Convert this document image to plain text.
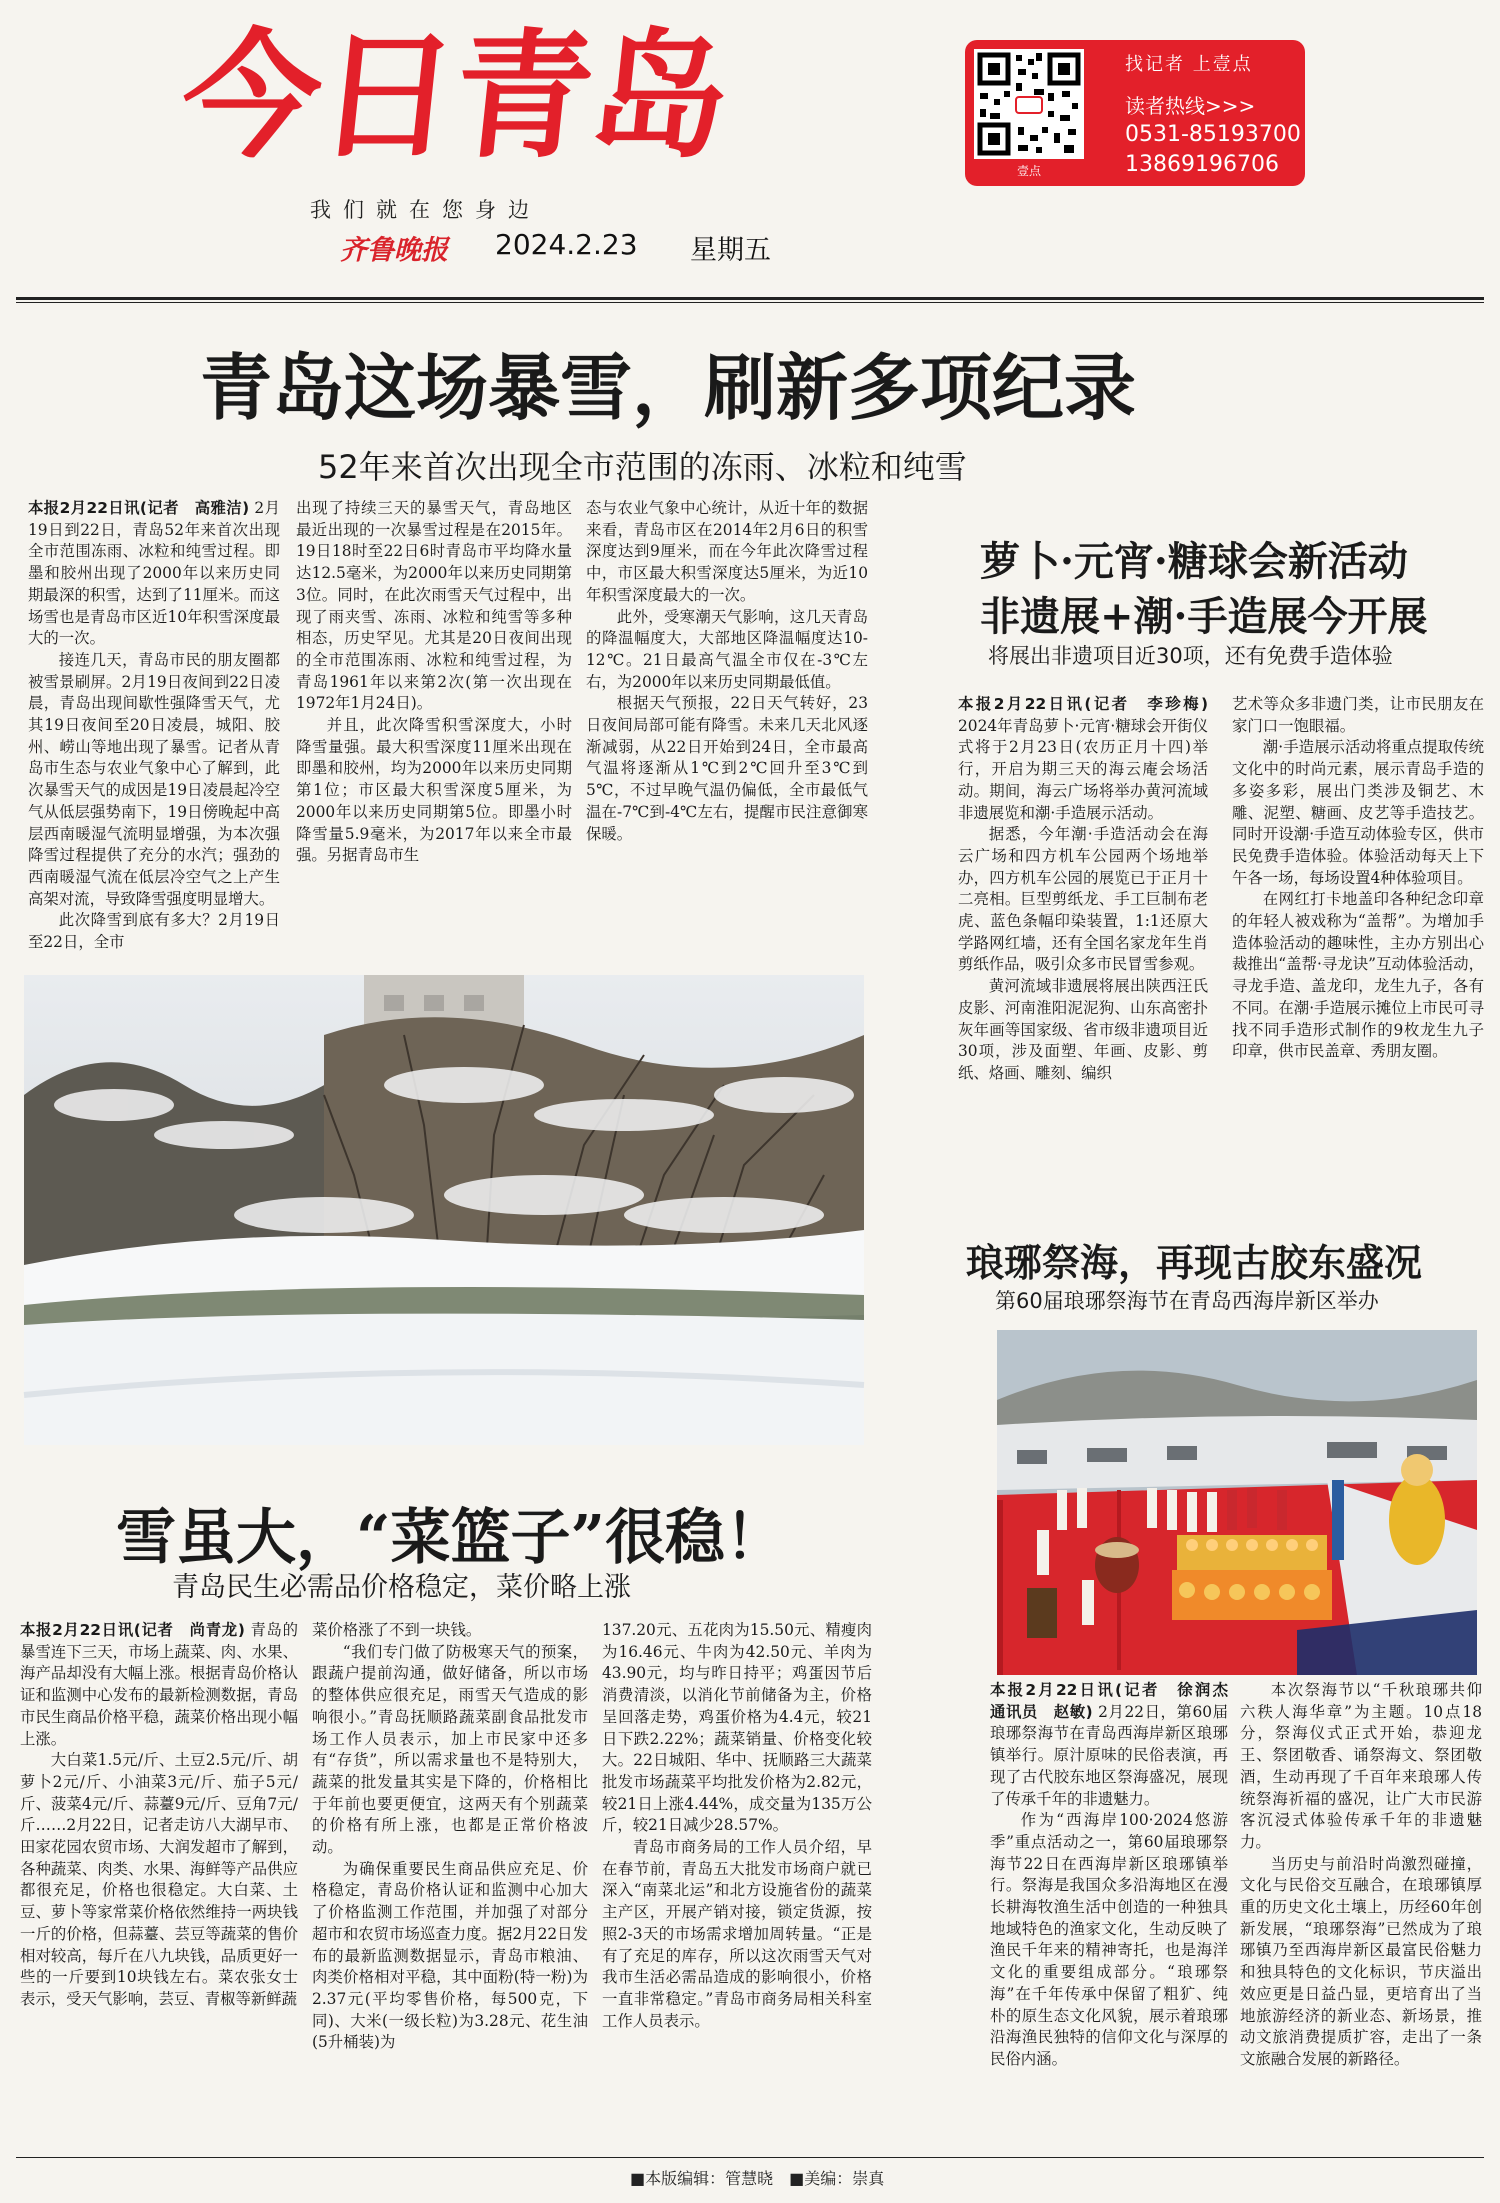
今日青岛
我们就在您身边
齐鲁晚报 2024.2.23 星期五
壹点
找记者 上壹点
读者热线>>>
0531-85193700
13869196706
青岛这场暴雪，刷新多项纪录
52年来首次出现全市范围的冻雨、冰粒和纯雪

本报2月22日讯(记者　高雅洁) 2月19日到22日，青岛52年来首次出现全市范围冻雨、冰粒和纯雪过程。即墨和胶州出现了2000年以来历史同期最深的积雪，达到了11厘米。而这场雪也是青岛市区近10年积雪深度最大的一次。

接连几天，青岛市民的朋友圈都被雪景刷屏。2月19日夜间到22日凌晨，青岛出现间歇性强降雪天气，尤其19日夜间至20日凌晨，城阳、胶州、崂山等地出现了暴雪。记者从青岛市生态与农业气象中心了解到，此次暴雪天气的成因是19日凌晨起冷空气从低层强势南下，19日傍晚起中高层西南暖湿气流明显增强，为本次强降雪过程提供了充分的水汽；强劲的西南暖湿气流在低层冷空气之上产生高架对流，导致降雪强度明显增大。

此次降雪到底有多大？2月19日至22日，全市

出现了持续三天的暴雪天气，青岛地区最近出现的一次暴雪过程是在2015年。19日18时至22日6时青岛市平均降水量达12.5毫米，为2000年以来历史同期第3位。同时，在此次雨雪天气过程中，出现了雨夹雪、冻雨、冰粒和纯雪等多种相态，历史罕见。尤其是20日夜间出现的全市范围冻雨、冰粒和纯雪过程，为青岛1961年以来第2次(第一次出现在1972年1月24日)。

并且，此次降雪积雪深度大，小时降雪量强。最大积雪深度11厘米出现在即墨和胶州，均为2000年以来历史同期第1位；市区最大积雪深度5厘米，为2000年以来历史同期第5位。即墨小时降雪量5.9毫米，为2017年以来全市最强。另据青岛市生

态与农业气象中心统计，从近十年的数据来看，青岛市区在2014年2月6日的积雪深度达到9厘米，而在今年此次降雪过程中，市区最大积雪深度达5厘米，为近10年积雪深度最大的一次。

此外，受寒潮天气影响，这几天青岛的降温幅度大，大部地区降温幅度达10-12℃。21日最高气温全市仅在-3℃左右，为2000年以来历史同期最低值。

根据天气预报，22日天气转好，23日夜间局部可能有降雪。未来几天北风逐渐减弱，从22日开始到24日，全市最高气温将逐渐从1℃到2℃回升至3℃到5℃，不过早晚气温仍偏低，全市最低气温在-7℃到-4℃左右，提醒市民注意御寒保暖。

萝卜·元宵·糖球会新活动
非遗展+潮·手造展今开展
将展出非遗项目近30项，还有免费手造体验

本报2月22日讯(记者　李珍梅) 2024年青岛萝卜·元宵·糖球会开街仪式将于2月23日(农历正月十四)举行，开启为期三天的海云庵会场活动。期间，海云广场将举办黄河流域非遗展览和潮·手造展示活动。

据悉，今年潮·手造活动会在海云广场和四方机车公园两个场地举办，四方机车公园的展览已于正月十二亮相。巨型剪纸龙、手工巨制布老虎、蓝色条幅印染装置，1:1还原大学路网红墙，还有全国名家龙年生肖剪纸作品，吸引众多市民冒雪参观。

黄河流域非遗展将展出陕西汪氏皮影、河南淮阳泥泥狗、山东高密扑灰年画等国家级、省市级非遗项目近30项，涉及面塑、年画、皮影、剪纸、烙画、雕刻、编织

艺术等众多非遗门类，让市民朋友在家门口一饱眼福。

潮·手造展示活动将重点提取传统文化中的时尚元素，展示青岛手造的多姿多彩，展出门类涉及铜艺、木雕、泥塑、糖画、皮艺等手造技艺。同时开设潮·手造互动体验专区，供市民免费手造体验。体验活动每天上下午各一场，每场设置4种体验项目。

在网红打卡地盖印各种纪念印章的年轻人被戏称为“盖帮”。为增加手造体验活动的趣味性，主办方别出心裁推出“盖帮·寻龙诀”互动体验活动，寻龙手造、盖龙印，龙生九子，各有不同。在潮·手造展示摊位上市民可寻找不同手造形式制作的9枚龙生九子印章，供市民盖章、秀朋友圈。

琅琊祭海，再现古胶东盛况
第60届琅琊祭海节在青岛西海岸新区举办

本报2月22日讯(记者　徐润杰　通讯员　赵敏) 2月22日，第60届琅琊祭海节在青岛西海岸新区琅琊镇举行。原汁原味的民俗表演，再现了古代胶东地区祭海盛况，展现了传承千年的非遗魅力。

作为“西海岸100·2024悠游季”重点活动之一，第60届琅琊祭海节22日在西海岸新区琅琊镇举行。祭海是我国众多沿海地区在漫长耕海牧渔生活中创造的一种独具地域特色的渔家文化，生动反映了渔民千年来的精神寄托，也是海洋文化的重要组成部分。“琅琊祭海”在千年传承中保留了粗犷、纯朴的原生态文化风貌，展示着琅琊沿海渔民独特的信仰文化与深厚的民俗内涵。

本次祭海节以“千秋琅琊共仰　六秩人海华章”为主题。10点18分，祭海仪式正式开始，恭迎龙王、祭团敬香、诵祭海文、祭团敬酒，生动再现了千百年来琅琊人传统祭海祈福的盛况，让广大市民游客沉浸式体验传承千年的非遗魅力。

当历史与前沿时尚激烈碰撞，文化与民俗交互融合，在琅琊镇厚重的历史文化土壤上，历经60年创新发展，“琅琊祭海”已然成为了琅琊镇乃至西海岸新区最富民俗魅力和独具特色的文化标识，节庆溢出效应更是日益凸显，更培育出了当地旅游经济的新业态、新场景，推动文旅消费提质扩容，走出了一条文旅融合发展的新路径。

雪虽大，“菜篮子”很稳！
青岛民生必需品价格稳定，菜价略上涨

本报2月22日讯(记者　尚青龙) 青岛的暴雪连下三天，市场上蔬菜、肉、水果、海产品却没有大幅上涨。根据青岛价格认证和监测中心发布的最新检测数据，青岛市民生商品价格平稳，蔬菜价格出现小幅上涨。

大白菜1.5元/斤、土豆2.5元/斤、胡萝卜2元/斤、小油菜3元/斤、茄子5元/斤、菠菜4元/斤、蒜薹9元/斤、豆角7元/斤……2月22日，记者走访八大湖早市、田家花园农贸市场、大润发超市了解到，各种蔬菜、肉类、水果、海鲜等产品供应都很充足，价格也很稳定。大白菜、土豆、萝卜等家常菜价格依然维持一两块钱一斤的价格，但蒜薹、芸豆等蔬菜的售价相对较高，每斤在八九块钱，品质更好一些的一斤要到10块钱左右。菜农张女士表示，受天气影响，芸豆、青椒等新鲜蔬

菜价格涨了不到一块钱。

“我们专门做了防极寒天气的预案，跟蔬户提前沟通，做好储备，所以市场的整体供应很充足，雨雪天气造成的影响很小。”青岛抚顺路蔬菜副食品批发市场工作人员表示，加上市民家中还多有“存货”，所以需求量也不是特别大，蔬菜的批发量其实是下降的，价格相比于年前也要更便宜，这两天有个别蔬菜的价格有所上涨，也都是正常价格波动。

为确保重要民生商品供应充足、价格稳定，青岛价格认证和监测中心加大了价格监测工作范围，并加强了对部分超市和农贸市场巡查力度。据2月22日发布的最新监测数据显示，青岛市粮油、肉类价格相对平稳，其中面粉(特一粉)为2.37元(平均零售价格，每500克，下同)、大米(一级长粒)为3.28元、花生油(5升桶装)为

137.20元、五花肉为15.50元、精瘦肉为16.46元、牛肉为42.50元、羊肉为43.90元，均与昨日持平；鸡蛋因节后消费清淡，以消化节前储备为主，价格呈回落走势，鸡蛋价格为4.4元，较21日下跌2.22%；蔬菜销量、价格变化较大。22日城阳、华中、抚顺路三大蔬菜批发市场蔬菜平均批发价格为2.82元，较21日上涨4.44%，成交量为135万公斤，较21日减少28.57%。

青岛市商务局的工作人员介绍，早在春节前，青岛五大批发市场商户就已深入“南菜北运”和北方设施省份的蔬菜主产区，开展产销对接，锁定货源，按照2-3天的市场需求增加周转量。“正是有了充足的库存，所以这次雨雪天气对我市生活必需品造成的影响很小，价格一直非常稳定。”青岛市商务局相关科室工作人员表示。

■本版编辑：管慧晓　■美编：崇真
